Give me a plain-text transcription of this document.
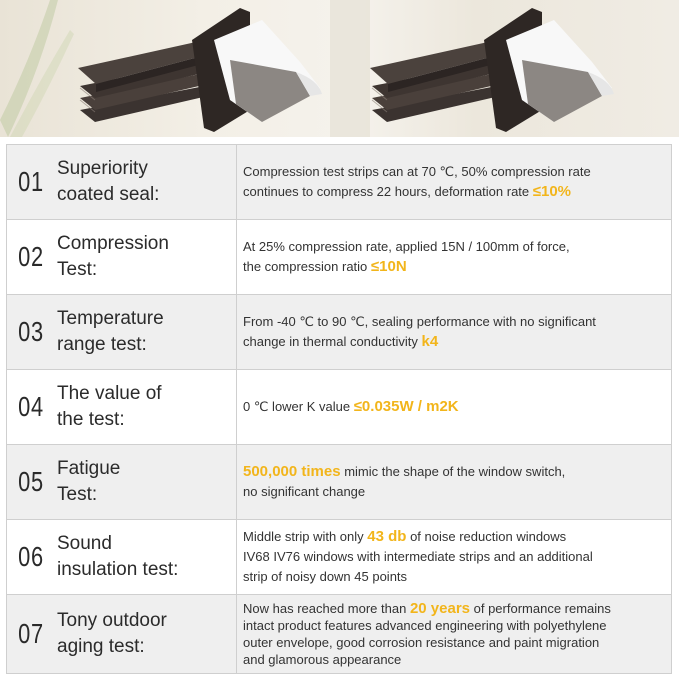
01 Superiority
coated seal:
Compression test strips can at 70 ℃, 50% compression rate
continues to compress 22 hours, deformation rate ≤10%
02 Compression
Test:
At 25% compression rate, applied 15N / 100mm of force,
the compression ratio ≤10N
03 Temperature
range test:
From -40 ℃ to 90 ℃, sealing performance with no significant
change in thermal conductivity k4
04 The value of
the test:
0 ℃ lower K value ≤0.035W / m2K
05 Fatigue
Test:
500,000 times mimic the shape of the window switch,
no significant change
06 Sound
insulation test:
Middle strip with only 43 db of noise reduction windows
IV68 IV76 windows with intermediate strips and an additional
strip of noisy down 45 points
07 Tony outdoor
aging test:
Now has reached more than 20 years of performance remains
intact product features advanced engineering with polyethylene
outer envelope, good corrosion resistance and paint migration
and glamorous appearance
